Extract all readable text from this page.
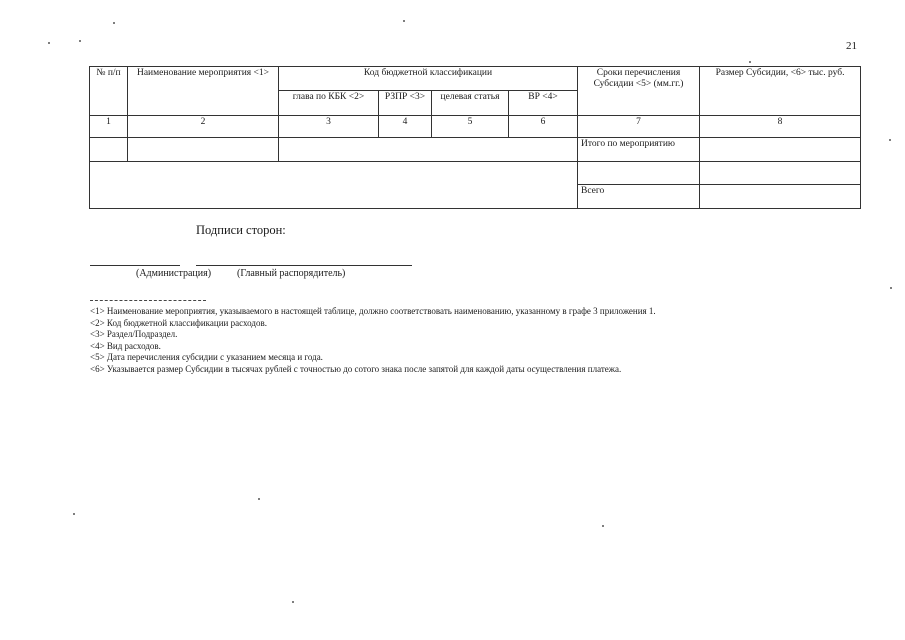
21
№ п/п	Наименование мероприятия <1>	Код бюджетной классификации				Сроки перечисления Субсидии <5> (мм.гг.)	Размер Субсидии, <6> тыс. руб.
		глава по КБК <2>	РЗПР <3>	целевая статья	ВР <4>		
1	2	3	4	5	6	7	8
						Итого по мероприятию	

						Всего	
Подписи сторон:
(Администрация)	(Главный распорядитель)
<1> Наименование мероприятия, указываемого в настоящей таблице, должно соответствовать наименованию, указанному в графе 3 приложения 1.
<2> Код бюджетной классификации расходов.
<3> Раздел/Подраздел.
<4> Вид расходов.
<5> Дата перечисления субсидии с указанием месяца и года.
<6> Указывается размер Субсидии в тысячах рублей с точностью до сотого знака после запятой для каждой даты осуществления платежа.
